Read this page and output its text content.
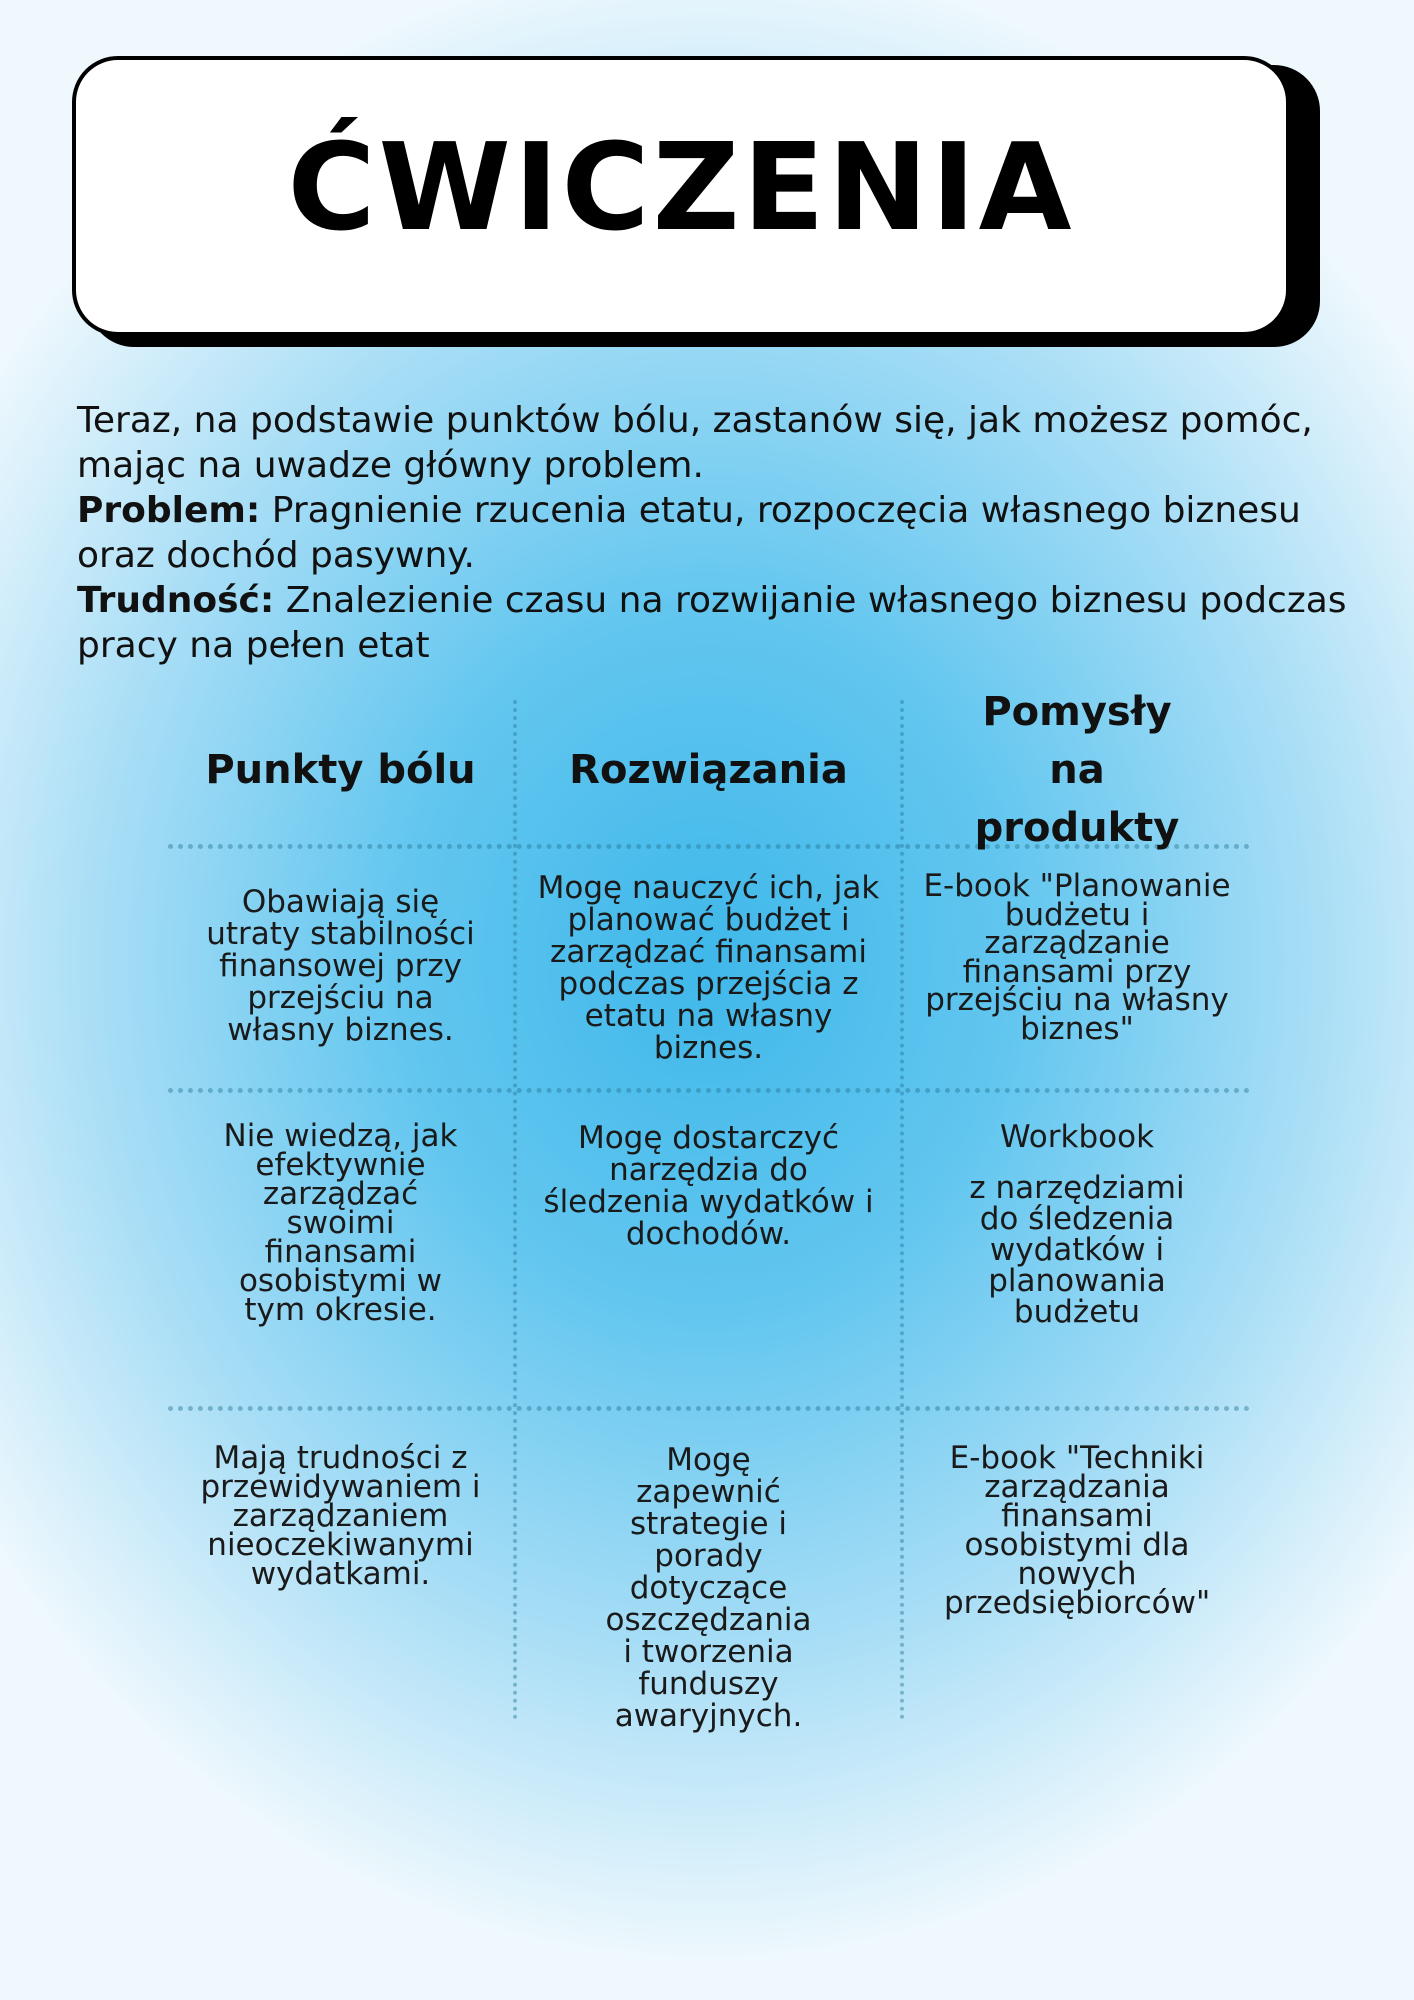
ĆWICZENIA

Teraz, na podstawie punktów bólu, zastanów się, jak możesz pomóc, mając na uwadze główny problem.

Problem: Pragnienie rzucenia etatu, rozpoczęcia własnego biznesu oraz dochód pasywny.

Trudność: Znalezienie czasu na rozwijanie własnego biznesu podczas pracy na pełen etat

Punkty bólu	Rozwiązania
Pomysły na produkty
Obawiają się utraty stabilności finansowej przy przejściu na własny biznes.
Mogę nauczyć ich, jak planować budżet i zarządzać finansami podczas przejścia z etatu na własny biznes.
E-book "Planowanie budżetu i zarządzanie finansami przy przejściu na własny biznes"
Nie wiedzą, jak efektywnie zarządzać swoimi finansami osobistymi w tym okresie.
Mogę dostarczyć narzędzia do śledzenia wydatków i dochodów.
Workbook
z narzędziami do śledzenia wydatków i planowania budżetu
Mają trudności z przewidywaniem i zarządzaniem nieoczekiwanymi wydatkami.
Mogę zapewnić strategie i porady dotyczące oszczędzania i tworzenia funduszy awaryjnych.
E-book "Techniki zarządzania finansami osobistymi dla nowych przedsiębiorców"
